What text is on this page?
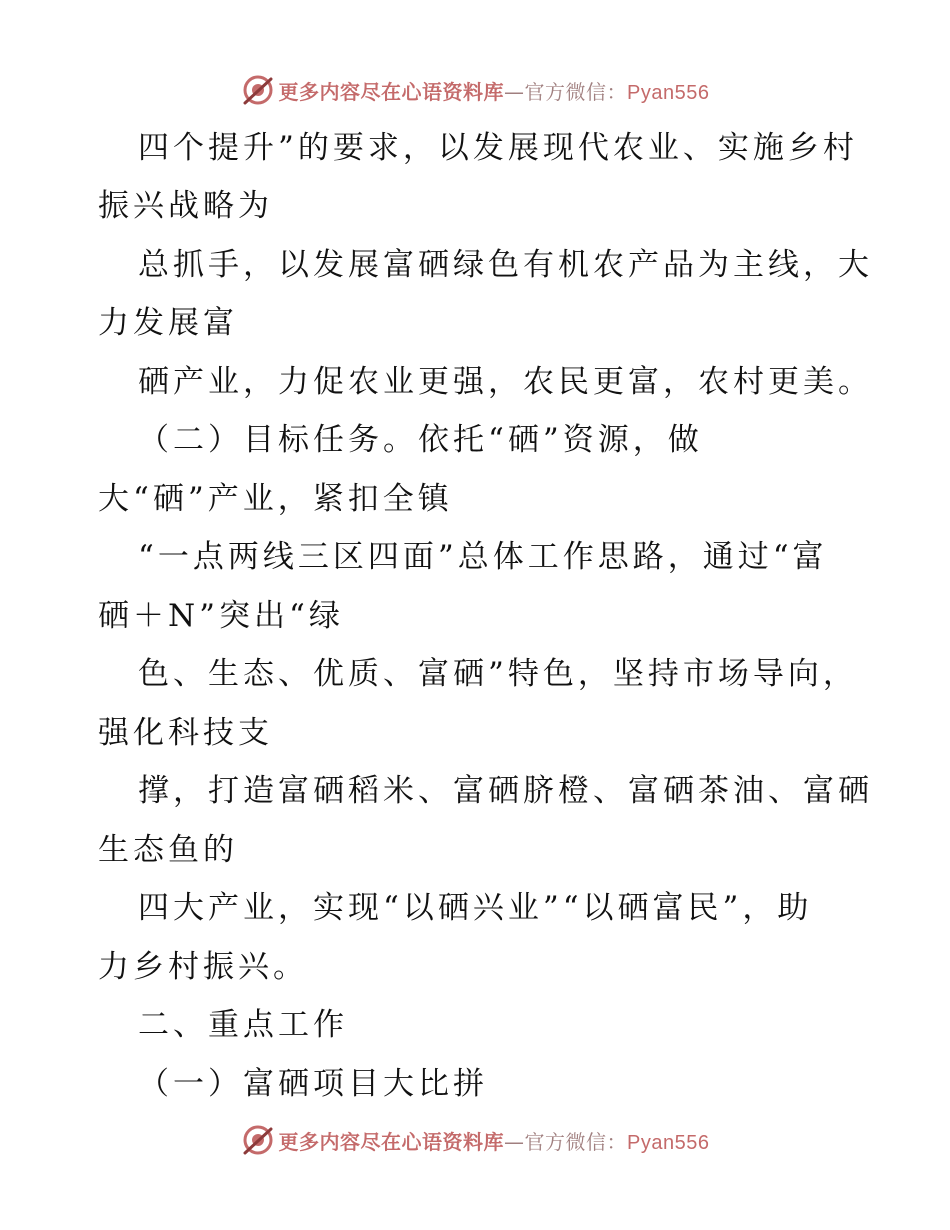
更多内容尽在心语资料库—官方微信：Pyan556
四个提升”的要求，以发展现代农业、实施乡村
振兴战略为
总抓手，以发展富硒绿色有机农产品为主线，大
力发展富
硒产业，力促农业更强，农民更富，农村更美。
（二）目标任务。依托“硒”资源，做
大“硒”产业，紧扣全镇
“一点两线三区四面”总体工作思路，通过“富
硒＋N”突出“绿
色、生态、优质、富硒”特色，坚持市场导向，
强化科技支
撑，打造富硒稻米、富硒脐橙、富硒茶油、富硒
生态鱼的
四大产业，实现“以硒兴业”“以硒富民”，助
力乡村振兴。
二、重点工作
（一）富硒项目大比拼
更多内容尽在心语资料库—官方微信：Pyan556
